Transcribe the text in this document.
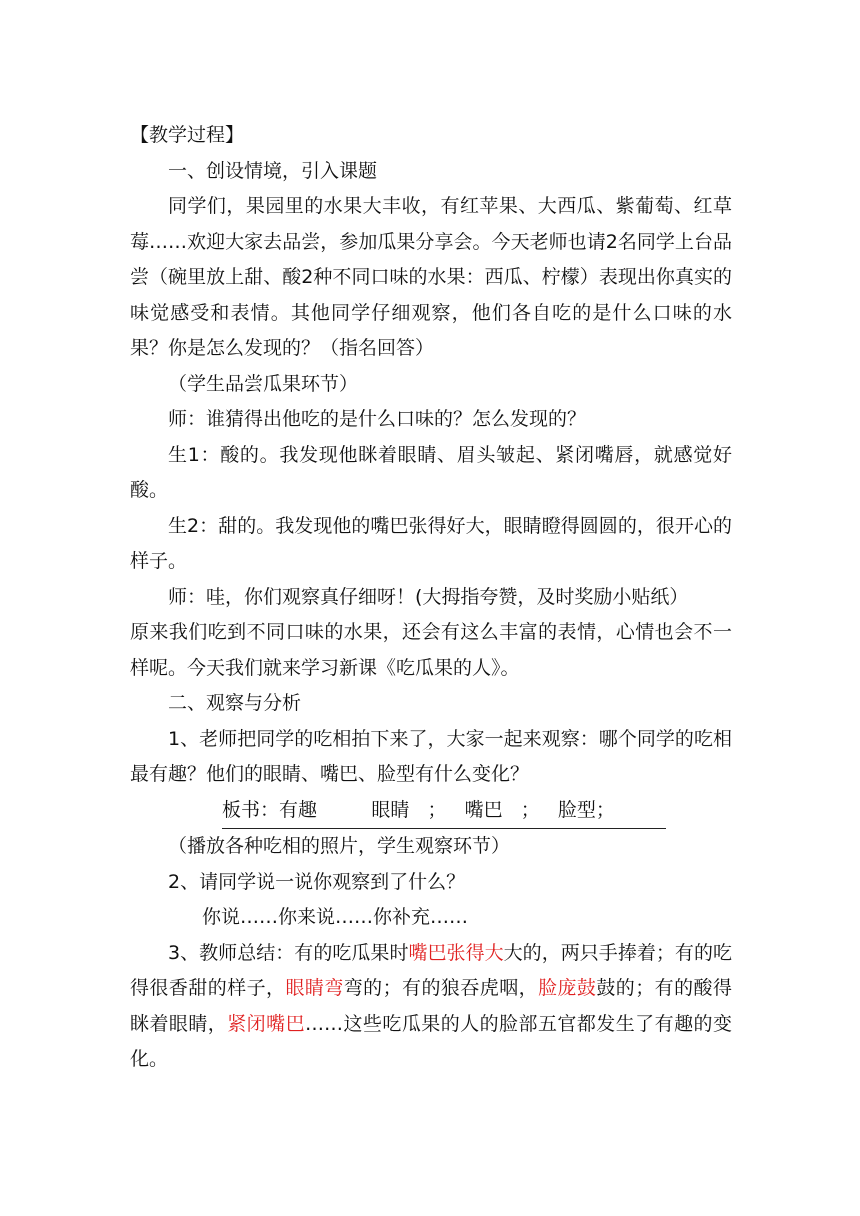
【教学过程】

一、创设情境，引入课题

同学们，果园里的水果大丰收，有红苹果、大西瓜、紫葡萄、红草莓……欢迎大家去品尝，参加瓜果分享会。今天老师也请2名同学上台品尝（碗里放上甜、酸2种不同口味的水果：西瓜、柠檬）表现出你真实的味觉感受和表情。其他同学仔细观察，他们各自吃的是什么口味的水果？你是怎么发现的？（指名回答）

（学生品尝瓜果环节）

师：谁猜得出他吃的是什么口味的？怎么发现的？

生1：酸的。我发现他眯着眼睛、眉头皱起、紧闭嘴唇，就感觉好酸。

生2：甜的。我发现他的嘴巴张得好大，眼睛瞪得圆圆的，很开心的样子。

师：哇，你们观察真仔细呀！(大拇指夸赞，及时奖励小贴纸）

原来我们吃到不同口味的水果，还会有这么丰富的表情，心情也会不一样呢。今天我们就来学习新课《吃瓜果的人》。

二、观察与分析

1、老师把同学的吃相拍下来了，大家一起来观察：哪个同学的吃相最有趣？他们的眼睛、嘴巴、脸型有什么变化？

板书：有趣         眼睛   ；   嘴巴   ；   脸型；

（播放各种吃相的照片，学生观察环节）

2、请同学说一说你观察到了什么？

你说……你来说……你补充……

3、教师总结：有的吃瓜果时嘴巴张得大大的，两只手捧着；有的吃得很香甜的样子，眼睛弯弯的；有的狼吞虎咽，脸庞鼓鼓的；有的酸得眯着眼睛，紧闭嘴巴……这些吃瓜果的人的脸部五官都发生了有趣的变化。
